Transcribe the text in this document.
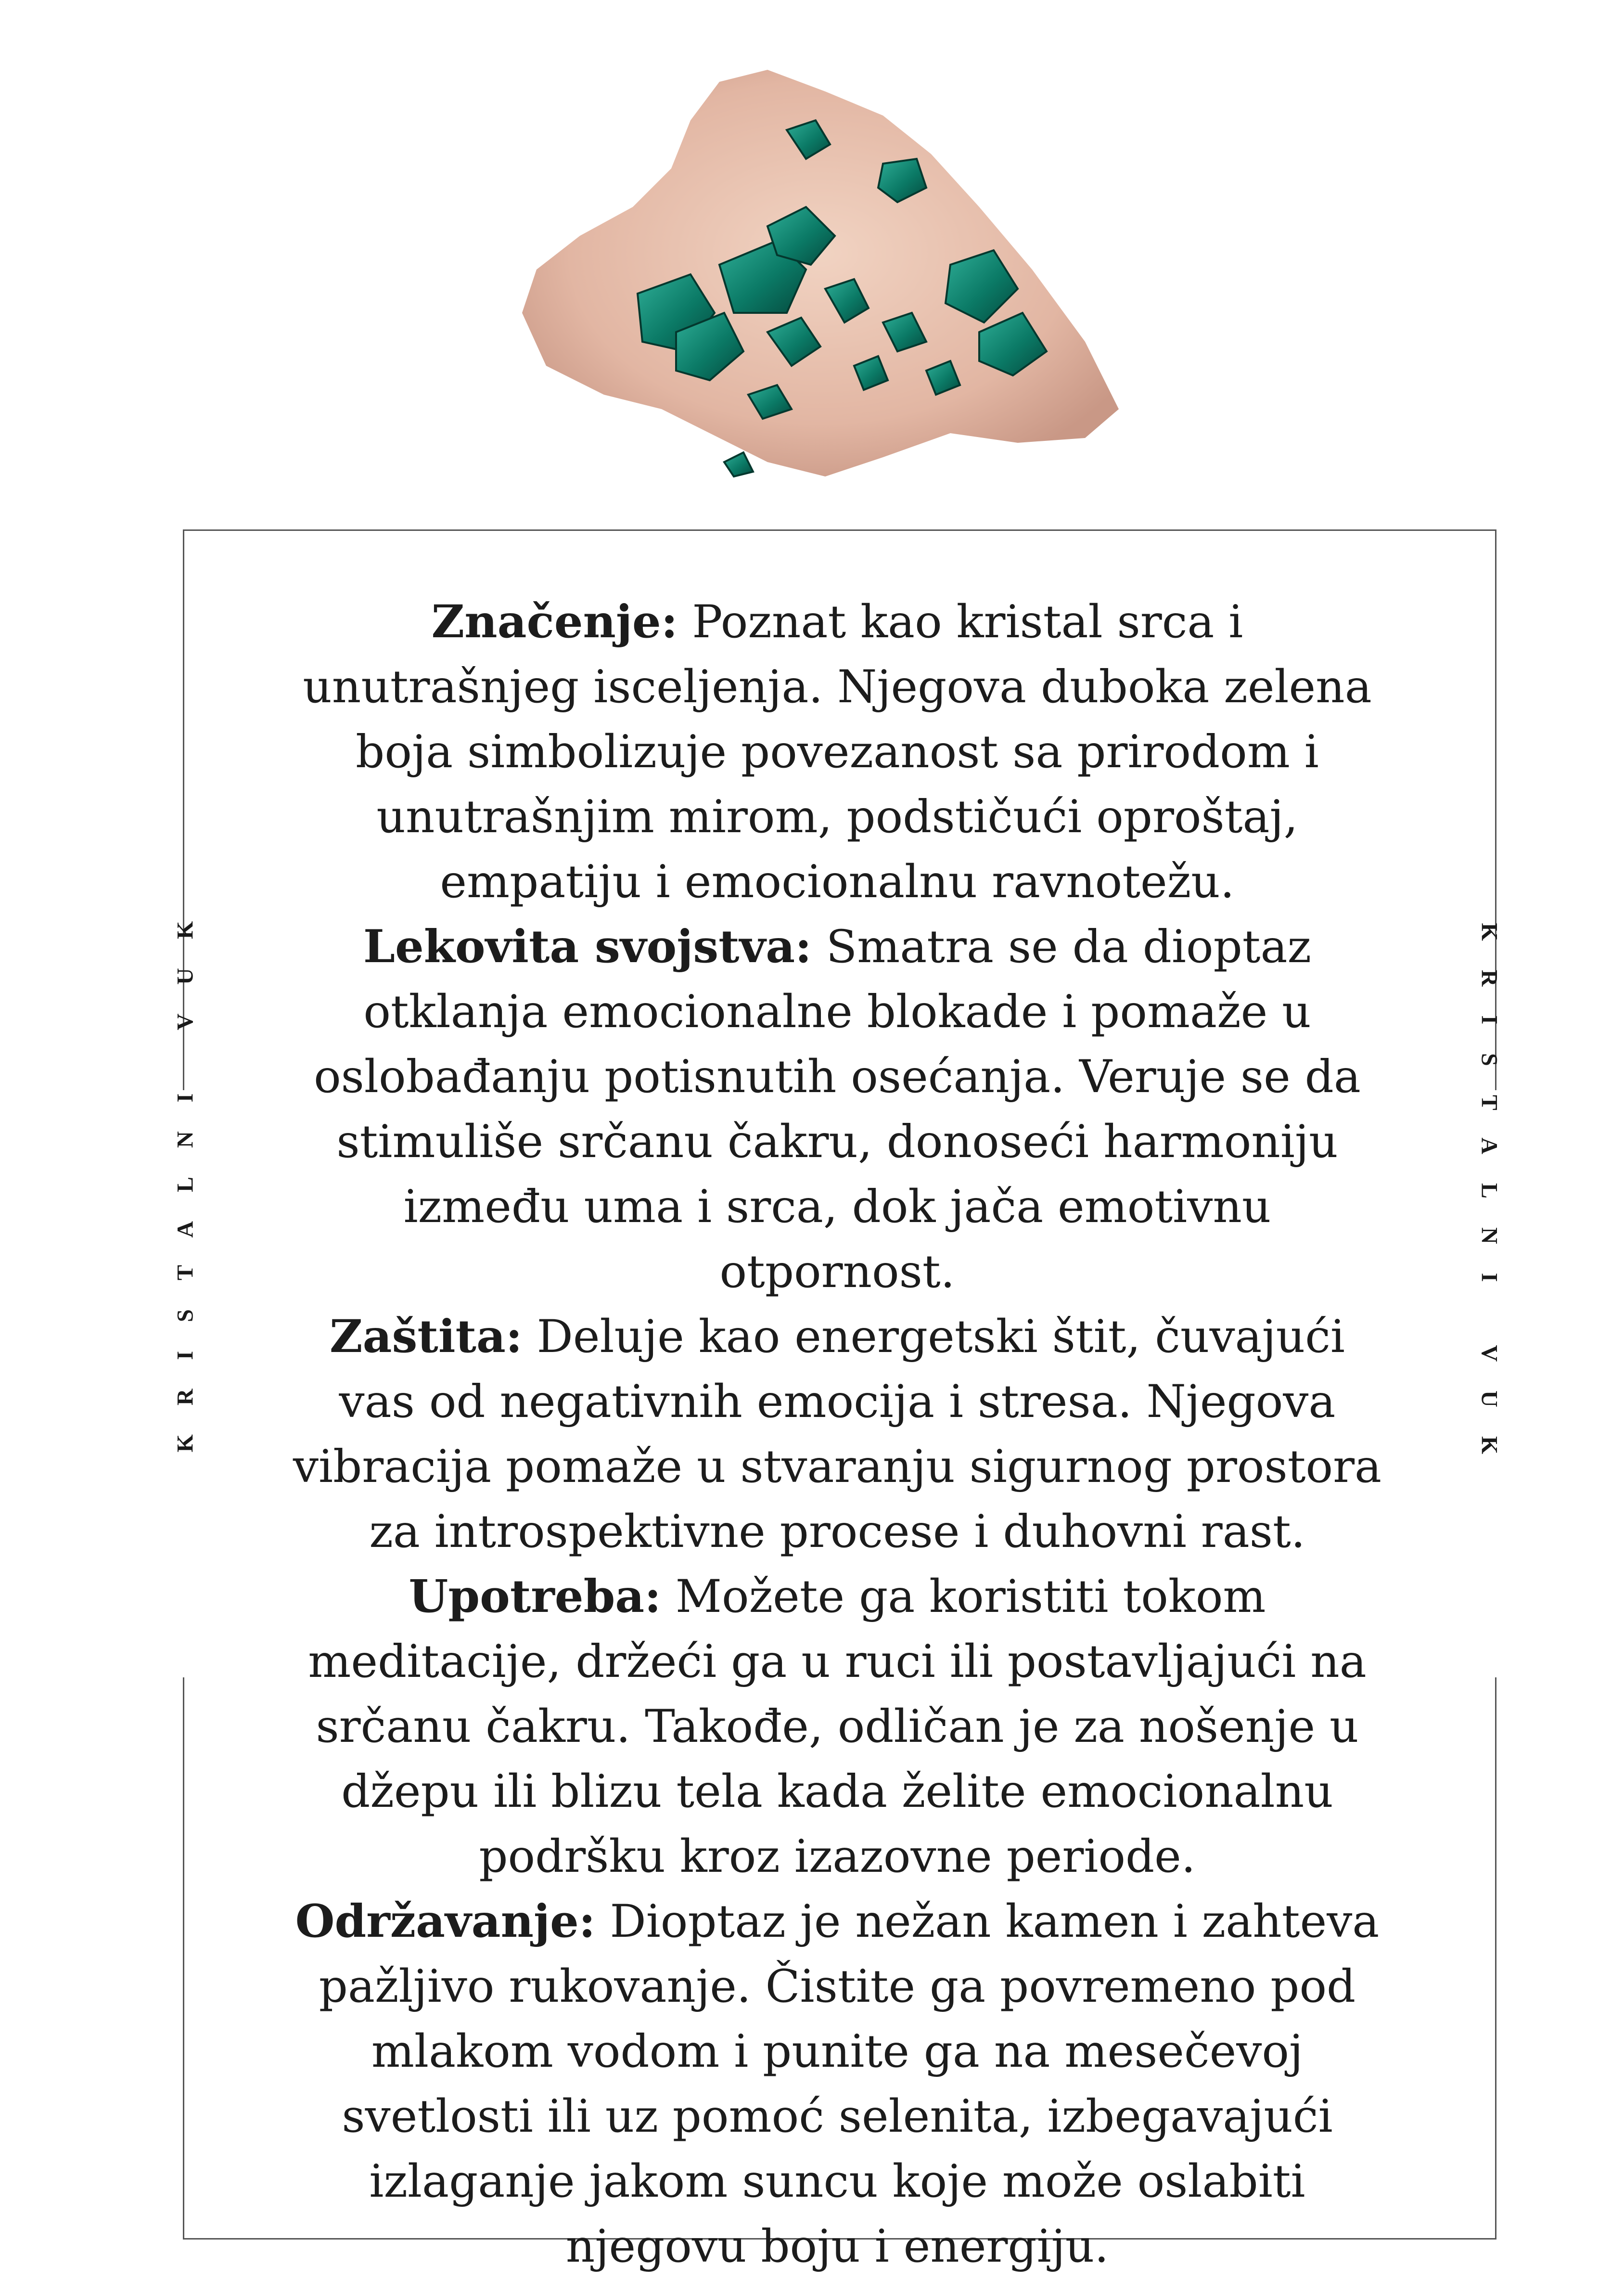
KRISTALNI VUK	KRISTALNI VUK

Značenje: Poznat kao kristal srca i unutrašnjeg isceljenja. Njegova duboka zelena boja simbolizuje povezanost sa prirodom i unutrašnjim mirom, podstičući oproštaj, empatiju i emocionalnu ravnotežu.

Lekovita svojstva: Smatra se da dioptaz otklanja emocionalne blokade i pomaže u oslobađanju potisnutih osećanja. Veruje se da stimuliše srčanu čakru, donoseći harmoniju između uma i srca, dok jača emotivnu otpornost.

Zaštita: Deluje kao energetski štit, čuvajući vas od negativnih emocija i stresa. Njegova vibracija pomaže u stvaranju sigurnog prostora za introspektivne procese i duhovni rast.

Upotreba: Možete ga koristiti tokom meditacije, držeći ga u ruci ili postavljajući na srčanu čakru. Takođe, odličan je za nošenje u džepu ili blizu tela kada želite emocionalnu podršku kroz izazovne periode.

Održavanje: Dioptaz je nežan kamen i zahteva pažljivo rukovanje. Čistite ga povremeno pod mlakom vodom i punite ga na mesečevoj svetlosti ili uz pomoć selenita, izbegavajući izlaganje jakom suncu koje može oslabiti njegovu boju i energiju.
